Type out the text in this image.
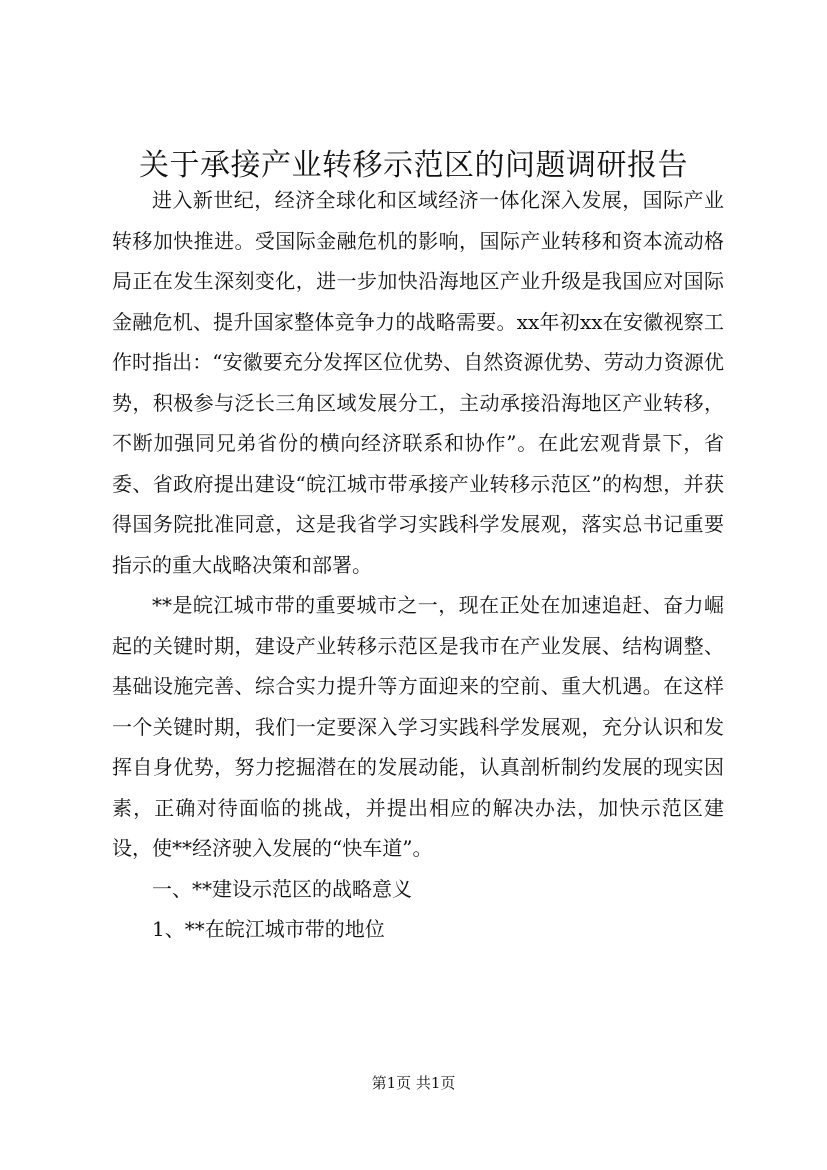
关于承接产业转移示范区的问题调研报告

进入新世纪，经济全球化和区域经济一体化深入发展，国际产业转移加快推进。受国际金融危机的影响，国际产业转移和资本流动格局正在发生深刻变化，进一步加快沿海地区产业升级是我国应对国际金融危机、提升国家整体竞争力的战略需要。xx年初xx在安徽视察工作时指出：“安徽要充分发挥区位优势、自然资源优势、劳动力资源优势，积极参与泛长三角区域发展分工，主动承接沿海地区产业转移，不断加强同兄弟省份的横向经济联系和协作”。在此宏观背景下，省委、省政府提出建设“皖江城市带承接产业转移示范区”的构想，并获得国务院批准同意，这是我省学习实践科学发展观，落实总书记重要指示的重大战略决策和部署。

**是皖江城市带的重要城市之一，现在正处在加速追赶、奋力崛起的关键时期，建设产业转移示范区是我市在产业发展、结构调整、基础设施完善、综合实力提升等方面迎来的空前、重大机遇。在这样一个关键时期，我们一定要深入学习实践科学发展观，充分认识和发挥自身优势，努力挖掘潜在的发展动能，认真剖析制约发展的现实因素，正确对待面临的挑战，并提出相应的解决办法，加快示范区建设，使**经济驶入发展的“快车道”。

一、**建设示范区的战略意义

1、**在皖江城市带的地位

第1页 共1页
